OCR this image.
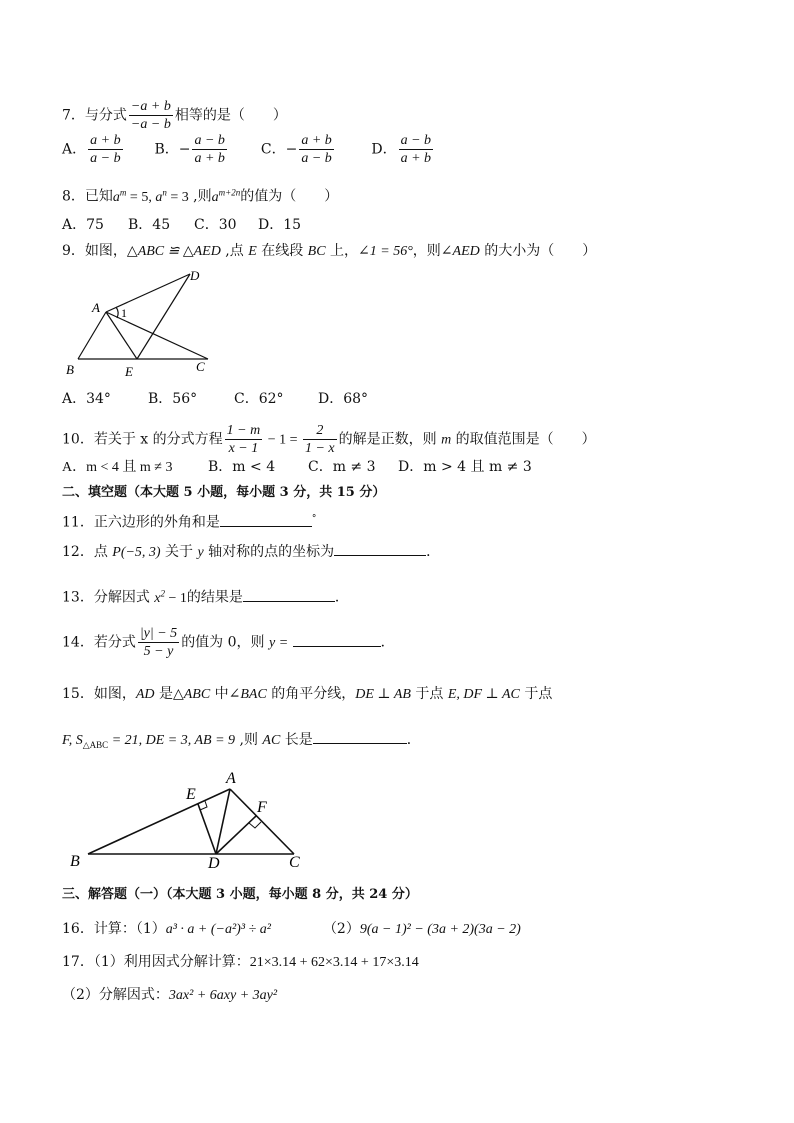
7．与分式 $\frac{-a + b}{-a - b}$ 相等的是（　　）
A． $\frac{a + b}{a - b}$ B．− $\frac{a - b}{a + b}$ C．− $\frac{a + b}{a - b}$	D． $\frac{a - b}{a + b}$
8．已知$a^m = 5$, $a^n = 3$ ,则$a^{m+2n}$的值为（　　）
A．75 B．45 C．30 D．15
9．如图，△ABC ≌ △AED ,点 E 在线段 BC 上，∠1 = 56°，则∠AED 的大小为（　　）
A
B	C
D
E
1
A．34°	B．56°	C．62° D．68°
10．若关于 x 的分式方程 $\frac{1 - m}{x - 1} - 1 = \frac{2}{1 - x}$ 的解是正数，则 m 的取值范围是（　　）
A．m < 4 且 m ≠ 3	B．m < 4 C．m ≠ 3 D．m > 4 且 m ≠ 3
二、填空题（本大题 5 小题，每小题 3 分，共 15 分）
11．正六边形的外角和是	°
12．点 P(−5, 3) 关于 y 轴对称的点的坐标为	．
13．分解因式 $x^2 - 1$的结果是	．
14．若分式 $\frac{|y| - 5}{5 - y}$ 的值为 0，则 y =	．
15．如图，AD 是△ABC 中∠BAC 的角平分线，DE ⊥ AB 于点 E, DF ⊥ AC 于点
F, $S_{\triangle ABC} = 21$, DE = 3, AB = 9 ,则 AC 长是	．
A
B	C
D
E
F
三、解答题（一）（本大题 3 小题，每小题 8 分，共 24 分）
16．计算：（1）a³ · a + (−a²)³ ÷ a²	（2）9(a − 1)² − (3a + 2)(3a − 2)
17．（1）利用因式分解计算：21×3.14 + 62×3.14 + 17×3.14
（2）分解因式：3ax² + 6axy + 3ay²
